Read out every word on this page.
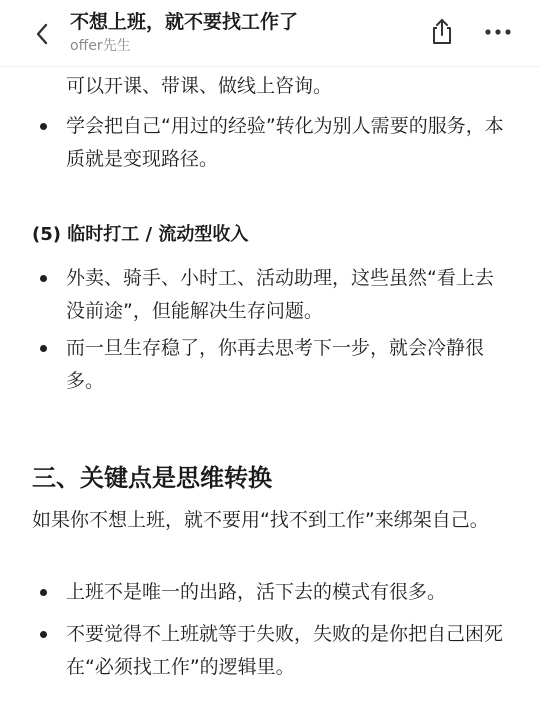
不想上班，就不要找工作了
offer先生
可以开课、带课、做线上咨询。
学会把自己“用过的经验”转化为别人需要的服务，本质就是变现路径。
(5) 临时打工 / 流动型收入
外卖、骑手、小时工、活动助理，这些虽然“看上去没前途”，但能解决生存问题。
而一旦生存稳了，你再去思考下一步，就会冷静很多。
三、关键点是思维转换
如果你不想上班，就不要用“找不到工作”来绑架自己。
上班不是唯一的出路，活下去的模式有很多。
不要觉得不上班就等于失败，失败的是你把自己困死在“必须找工作”的逻辑里。
